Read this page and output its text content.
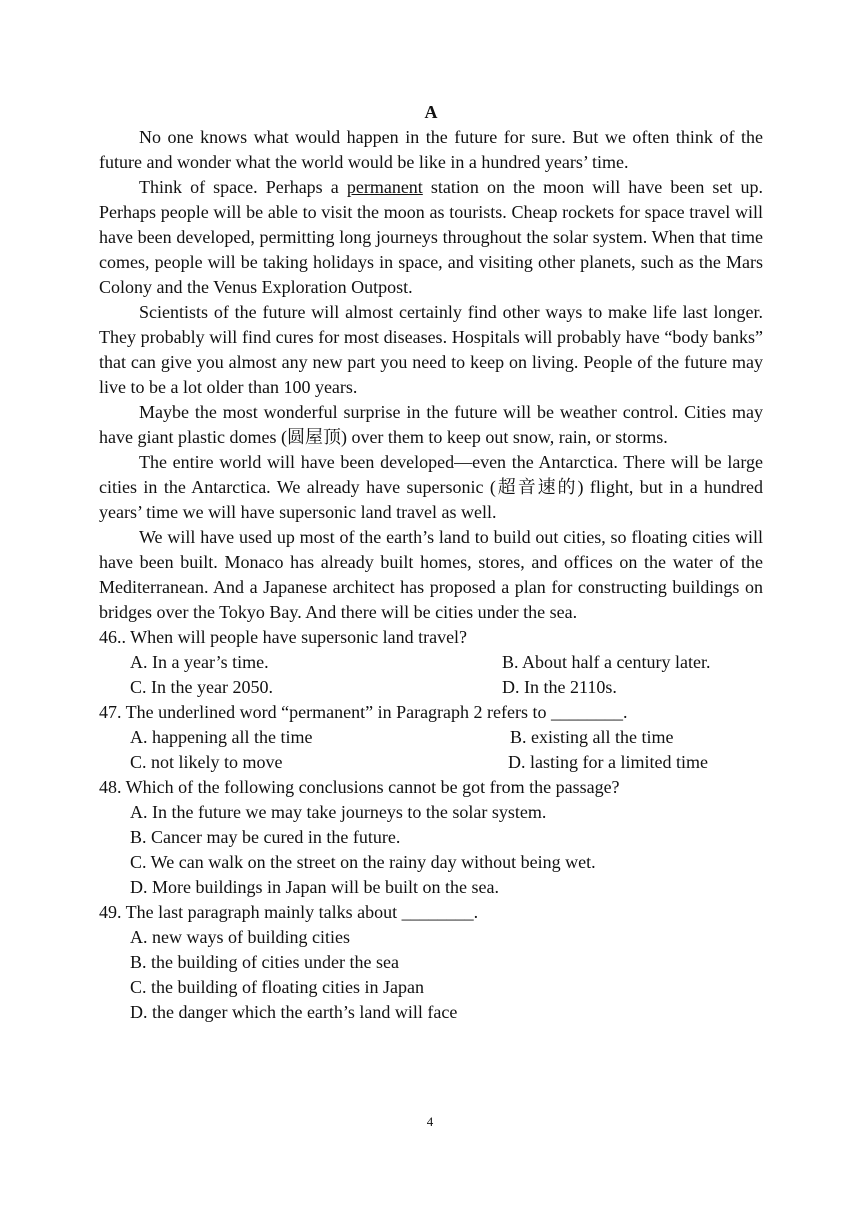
A

No one knows what would happen in the future for sure. But we often think of the future and wonder what the world would be like in a hundred years’ time.

Think of space. Perhaps a permanent station on the moon will have been set up. Perhaps people will be able to visit the moon as tourists. Cheap rockets for space travel will have been developed, permitting long journeys throughout the solar system. When that time comes, people will be taking holidays in space, and visiting other planets, such as the Mars Colony and the Venus Exploration Outpost.

Scientists of the future will almost certainly find other ways to make life last longer. They probably will find cures for most diseases. Hospitals will probably have “body banks” that can give you almost any new part you need to keep on living. People of the future may live to be a lot older than 100 years.

Maybe the most wonderful surprise in the future will be weather control. Cities may have giant plastic domes (圆屋顶) over them to keep out snow, rain, or storms.

The entire world will have been developed—even the Antarctica. There will be large cities in the Antarctica. We already have supersonic (超音速的) flight, but in a hundred years’ time we will have supersonic land travel as well.

We will have used up most of the earth’s land to build out cities, so floating cities will have been built. Monaco has already built homes, stores, and offices on the water of the Mediterranean. And a Japanese architect has proposed a plan for constructing buildings on bridges over the Tokyo Bay. And there will be cities under the sea.

46.. When will people have supersonic land travel?

A. In a year’s time.	B. About half a century later.
C. In the year 2050.	D. In the 2110s.

47. The underlined word “permanent” in Paragraph 2 refers to ________.

A. happening all the time	B. existing all the time
C. not likely to move	D. lasting for a limited time

48. Which of the following conclusions cannot be got from the passage?

A. In the future we may take journeys to the solar system.

B. Cancer may be cured in the future.

C. We can walk on the street on the rainy day without being wet.

D. More buildings in Japan will be built on the sea.

49. The last paragraph mainly talks about ________.

A. new ways of building cities

B. the building of cities under the sea

C. the building of floating cities in Japan

D. the danger which the earth’s land will face

4
